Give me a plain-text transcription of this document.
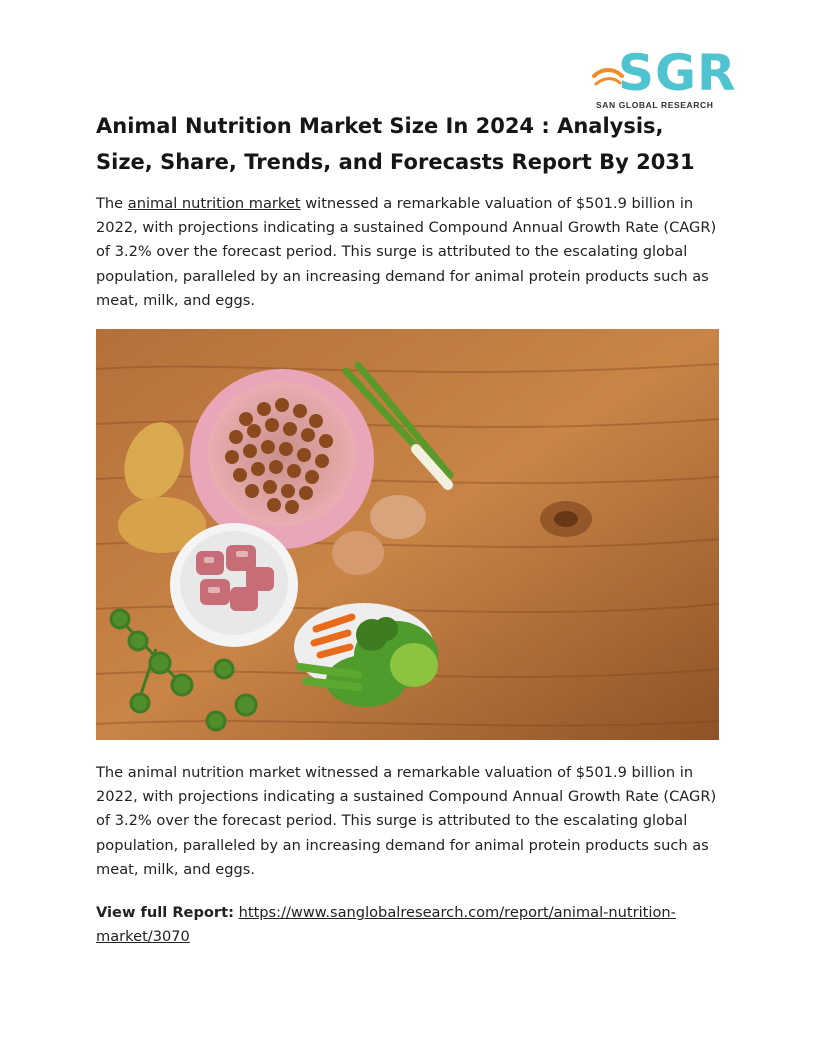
SGR
SAN GLOBAL RESEARCH
Animal Nutrition Market Size In 2024 : Analysis, Size, Share, Trends, and Forecasts Report By 2031

The animal nutrition market witnessed a remarkable valuation of $501.9 billion in 2022, with projections indicating a sustained Compound Annual Growth Rate (CAGR) of 3.2% over the forecast period. This surge is attributed to the escalating global population, paralleled by an increasing demand for animal protein products such as meat, milk, and eggs.

The animal nutrition market witnessed a remarkable valuation of $501.9 billion in 2022, with projections indicating a sustained Compound Annual Growth Rate (CAGR) of 3.2% over the forecast period. This surge is attributed to the escalating global population, paralleled by an increasing demand for animal protein products such as meat, milk, and eggs.

View full Report: https://www.sanglobalresearch.com/report/animal-nutrition-market/3070
